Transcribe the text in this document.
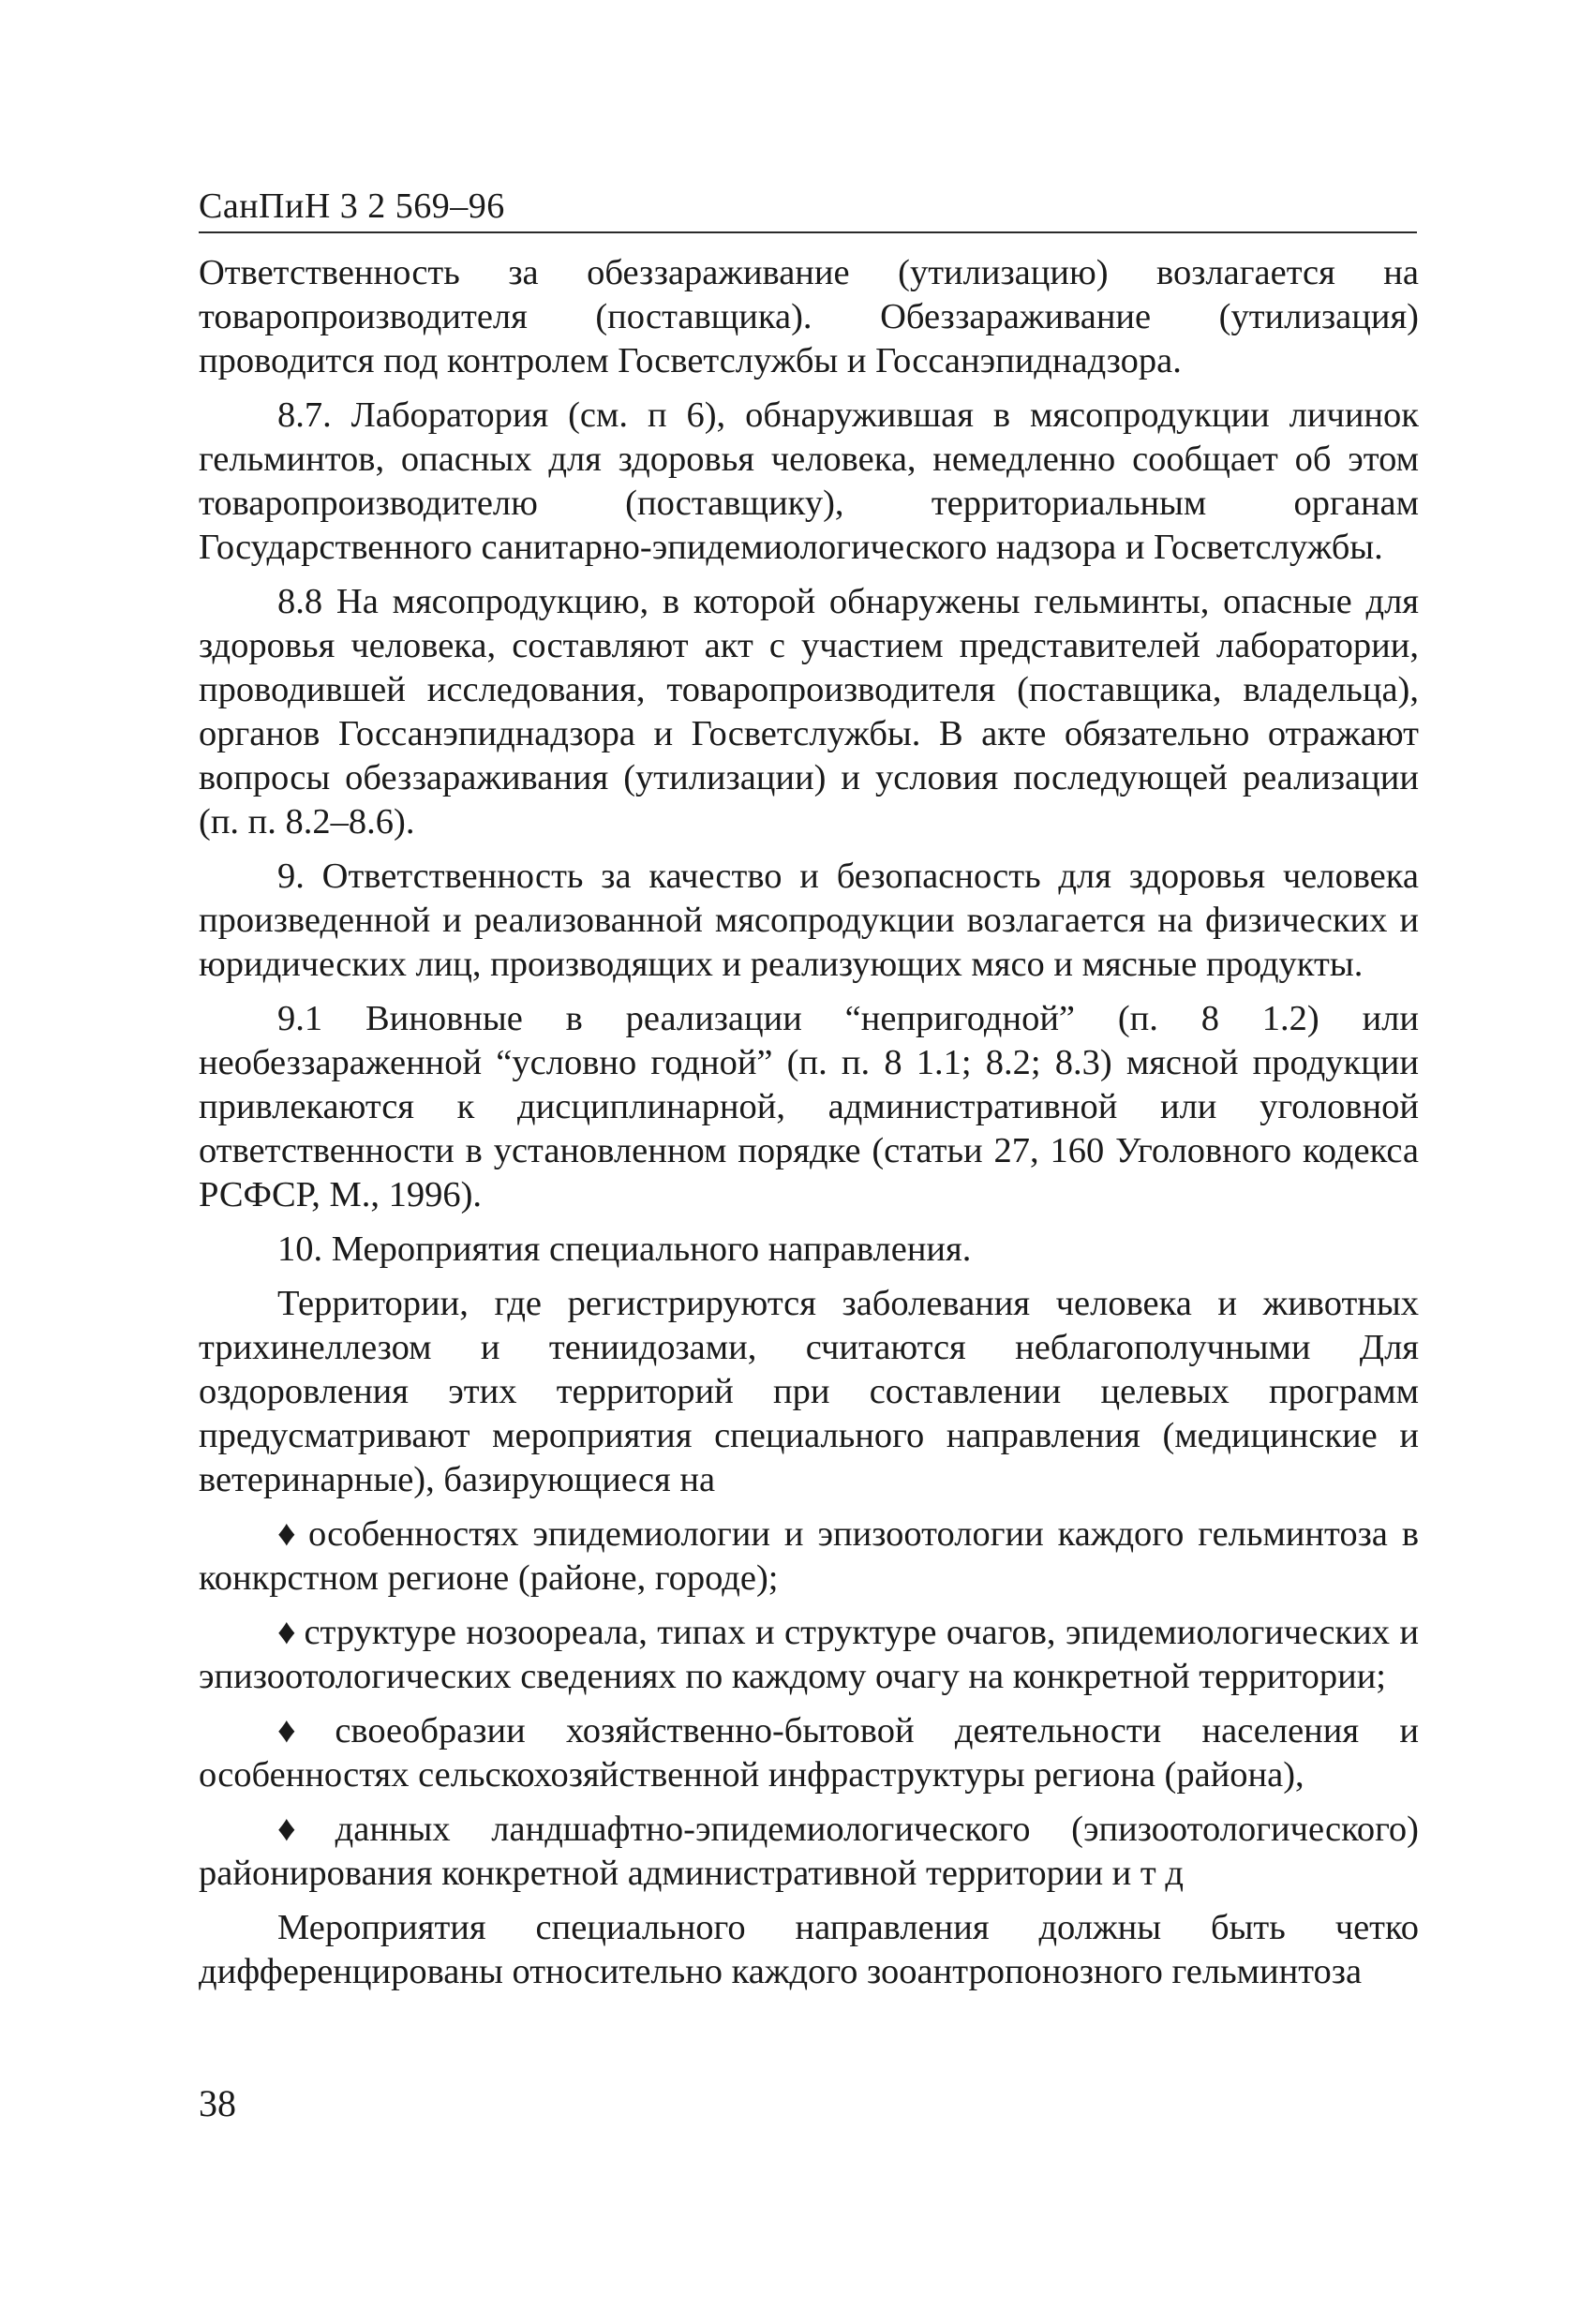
СанПиН 3 2 569–96

Ответственность за обеззараживание (утилизацию) возлагается на товаропроизводителя (поставщика). Обеззараживание (утилизация) проводится под контролем Госветслужбы и Госсанэпиднадзора.

8.7. Лаборатория (см. п 6), обнаружившая в мясопродукции личинок гельминтов, опасных для здоровья человека, немедленно сообщает об этом товаропроизводителю (поставщику), территориальным органам Государственного санитарно-эпидемиологического надзора и Госветслужбы.

8.8 На мясопродукцию, в которой обнаружены гельминты, опасные для здоровья человека, составляют акт с участием представителей лаборатории, проводившей исследования, товаропроизводителя (поставщика, владельца), органов Госсанэпиднадзора и Госветслужбы. В акте обязательно отражают вопросы обеззараживания (утилизации) и условия последующей реализации (п. п. 8.2–8.6).

9. Ответственность за качество и безопасность для здоровья человека произведенной и реализованной мясопродукции возлагается на физических и юридических лиц, производящих и реализующих мясо и мясные продукты.

9.1 Виновные в реализации “непригодной” (п. 8 1.2) или необеззараженной “условно годной” (п. п. 8 1.1; 8.2; 8.3) мясной продукции привлекаются к дисциплинарной, административной или уголовной ответственности в установленном порядке (статьи 27, 160 Уголовного кодекса РСФСР, М., 1996).

10. Мероприятия специального направления.

Территории, где регистрируются заболевания человека и животных трихинеллезом и тениидозами, считаются неблагополучными Для оздоровления этих территорий при составлении целевых программ предусматривают мероприятия специального направления (медицинские и ветеринарные), базирующиеся на

♦ особенностях эпидемиологии и эпизоотологии каждого гельминтоза в конкрстном регионе (районе, городе);
♦ структуре нозоореала, типах и структуре очагов, эпидемиологических и эпизоотологических сведениях по каждому очагу на конкретной территории;
♦ своеобразии хозяйственно-бытовой деятельности населения и особенностях сельскохозяйственной инфраструктуры региона (района),
♦ данных ландшафтно-эпидемиологического (эпизоотологического) районирования конкретной административной территории и т д

Мероприятия специального направления должны быть четко дифференцированы относительно каждого зооантропонозного гельминтоза

38
